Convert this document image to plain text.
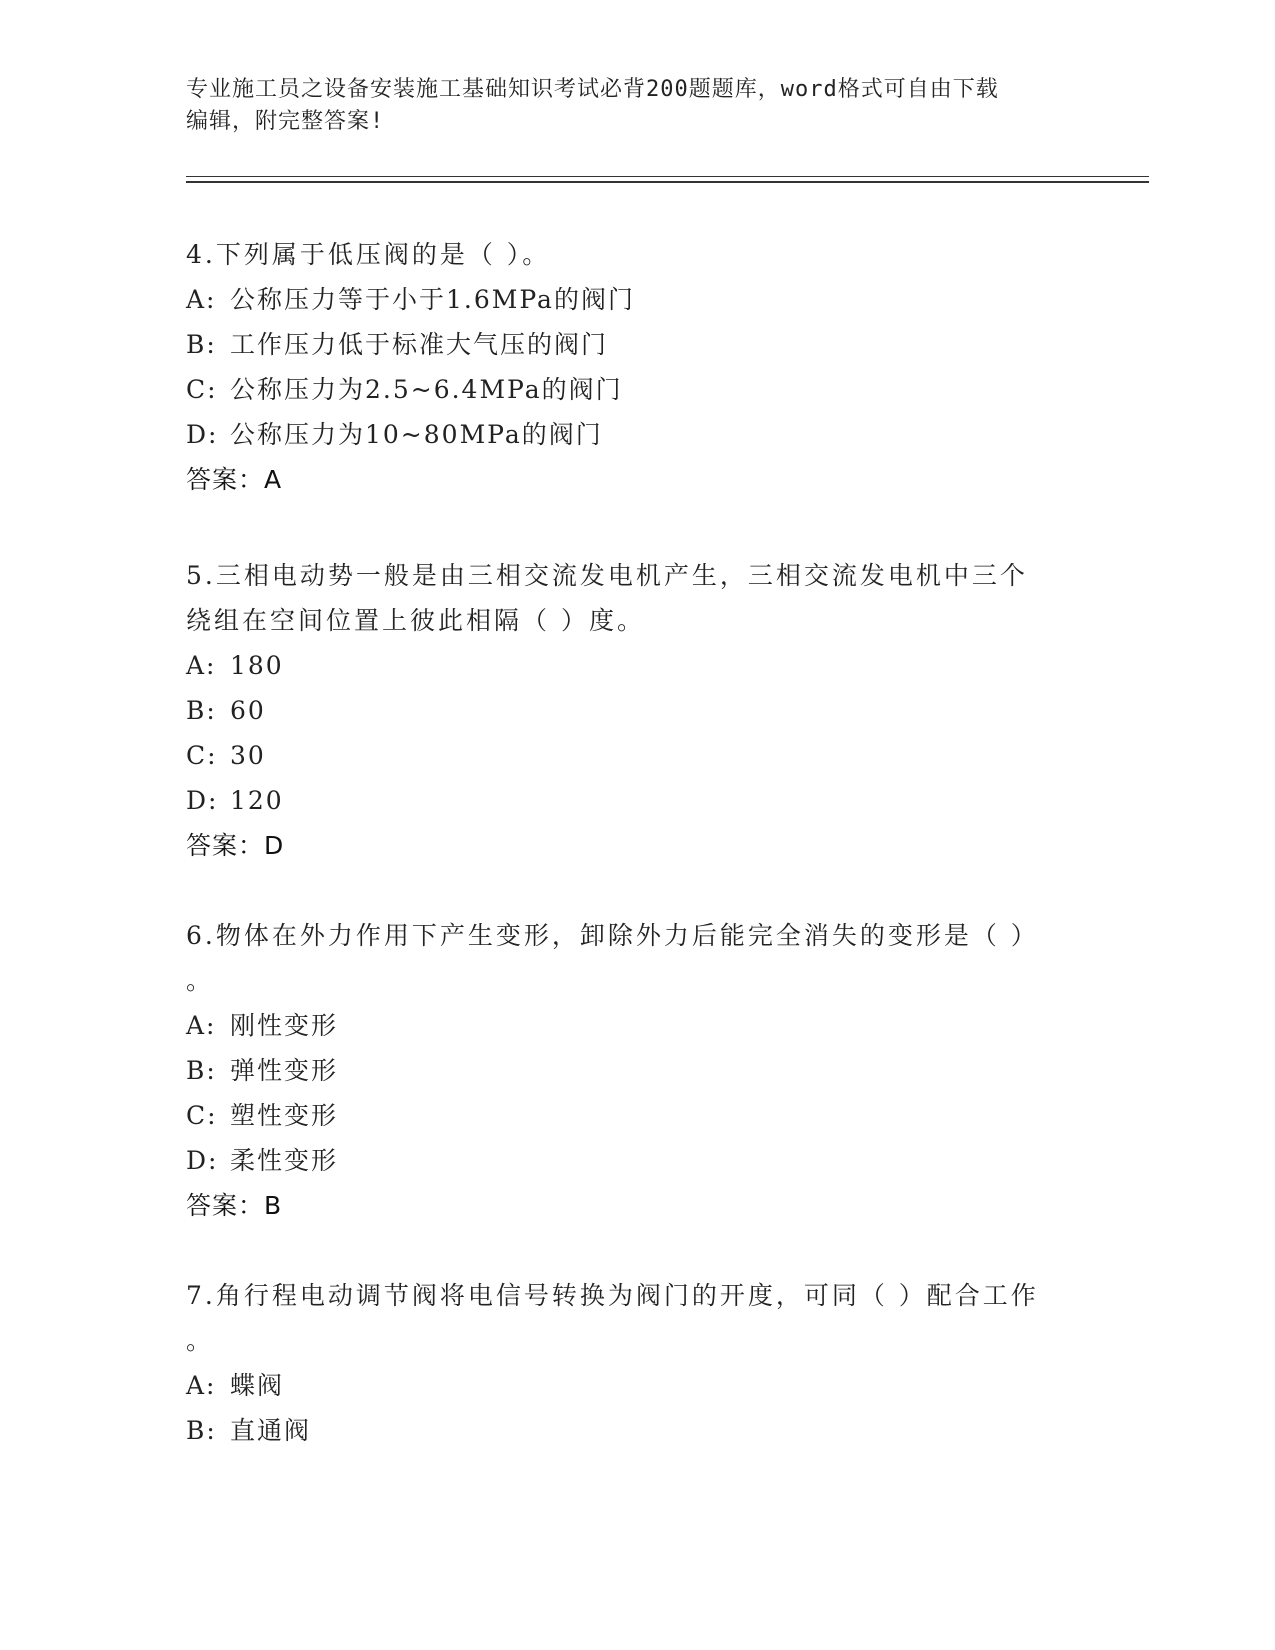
专业施工员之设备安装施工基础知识考试必背200题题库，word格式可自由下载
编辑，附完整答案!
4.下列属于低压阀的是（ ）。
A: 公称压力等于小于1.6MPa的阀门
B: 工作压力低于标准大气压的阀门
C: 公称压力为2.5~6.4MPa的阀门
D: 公称压力为10~80MPa的阀门
答案：A
5.三相电动势一般是由三相交流发电机产生，三相交流发电机中三个
绕组在空间位置上彼此相隔（ ）度。
A: 180
B: 60
C: 30
D: 120
答案：D
6.物体在外力作用下产生变形，卸除外力后能完全消失的变形是（ ）
。
A: 刚性变形
B: 弹性变形
C: 塑性变形
D: 柔性变形
答案：B
7.角行程电动调节阀将电信号转换为阀门的开度，可同（ ）配合工作
。
A: 蝶阀
B: 直通阀
